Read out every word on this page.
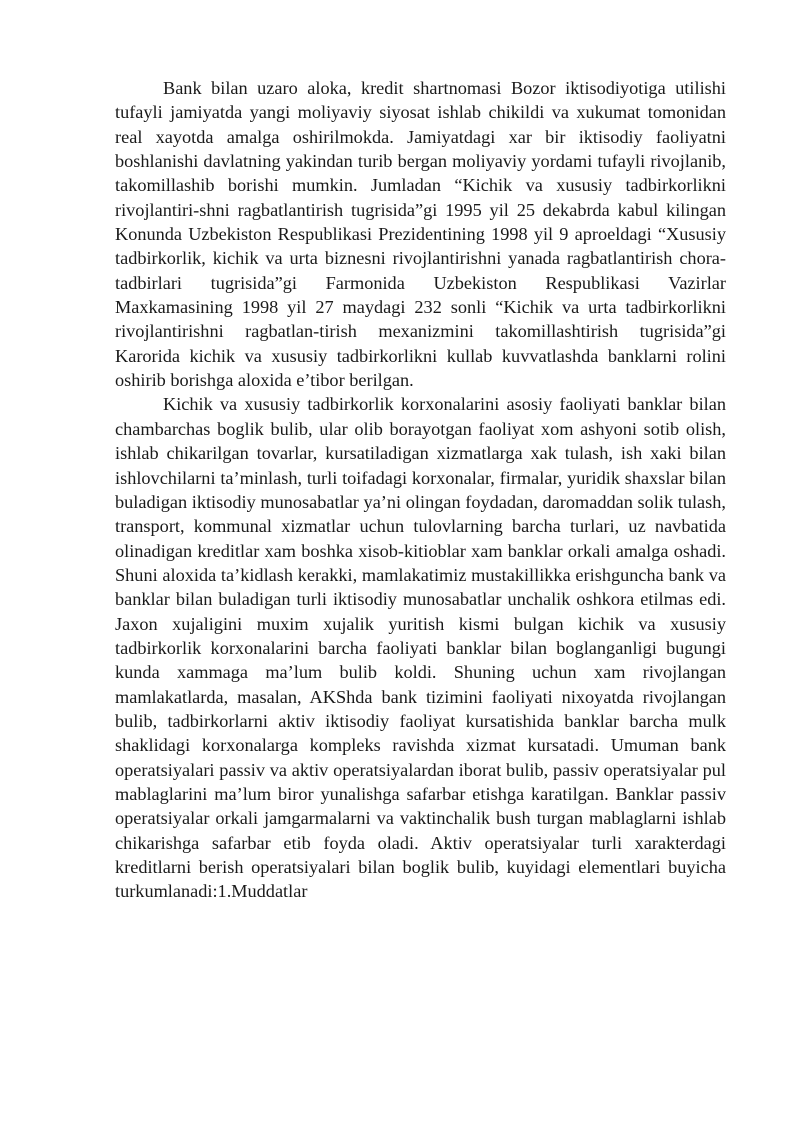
Bank bilan uzaro aloka, kredit shartnomasi Bozor iktisodiyotiga utilishi tufayli jamiyatda yangi moliyaviy siyosat ishlab chikildi va xukumat tomonidan real xayotda amalga oshirilmokda. Jamiyatdagi xar bir iktisodiy faoliyatni boshlanishi davlatning yakindan turib bergan moliyaviy yordami tufayli rivojlanib, takomillashib borishi mumkin. Jumladan “Kichik va xususiy tadbirkorlikni rivojlantiri-shni ragbatlantirish tugrisida”gi 1995 yil 25 dekabrda kabul kilingan Konunda Uzbekiston Respublikasi Prezidentining 1998 yil 9 aproeldagi “Xususiy tadbirkorlik, kichik va urta biznesni rivojlantirishni yanada ragbatlantirish chora-tadbirlari tugrisida”gi Farmonida Uzbekiston Respublikasi Vazirlar Maxkamasining 1998 yil 27 maydagi 232 sonli “Kichik va urta tadbirkorlikni rivojlantirishni ragbatlan-tirish mexanizmini takomillashtirish tugrisida”gi Karorida kichik va xususiy tadbirkorlikni kullab kuvvatlashda banklarni rolini oshirib borishga aloxida e’tibor berilgan.

Kichik va xususiy tadbirkorlik korxonalarini asosiy faoliyati banklar bilan chambarchas boglik bulib, ular olib borayotgan faoliyat xom ashyoni sotib olish, ishlab chikarilgan tovarlar, kursatiladigan xizmatlarga xak tulash, ish xaki bilan ishlovchilarni ta’minlash, turli toifadagi korxonalar, firmalar, yuridik shaxslar bilan buladigan iktisodiy munosabatlar ya’ni olingan foydadan, daromaddan solik tulash, transport, kommunal xizmatlar uchun tulovlarning barcha turlari, uz navbatida olinadigan kreditlar xam boshka xisob-kitioblar xam banklar orkali amalga oshadi. Shuni aloxida ta’kidlash kerakki, mamlakatimiz mustakillikka erishguncha bank va banklar bilan buladigan turli iktisodiy munosabatlar unchalik oshkora etilmas edi. Jaxon xujaligini muxim xujalik yuritish kismi bulgan kichik va xususiy tadbirkorlik korxonalarini barcha faoliyati banklar bilan boglanganligi bugungi kunda xammaga ma’lum bulib koldi. Shuning uchun xam rivojlangan mamlakatlarda, masalan, AKShda bank tizimini faoliyati nixoyatda rivojlangan bulib, tadbirkorlarni aktiv iktisodiy faoliyat kursatishida banklar barcha mulk shaklidagi korxonalarga kompleks ravishda xizmat kursatadi. Umuman bank operatsiyalari passiv va aktiv operatsiyalardan iborat bulib, passiv operatsiyalar pul mablaglarini ma’lum biror yunalishga safarbar etishga karatilgan. Banklar passiv operatsiyalar orkali jamgarmalarni va vaktinchalik bush turgan mablaglarni ishlab chikarishga safarbar etib foyda oladi. Aktiv operatsiyalar turli xarakterdagi kreditlarni berish operatsiyalari bilan boglik bulib, kuyidagi elementlari buyicha turkumlanadi:1.Muddatlar
